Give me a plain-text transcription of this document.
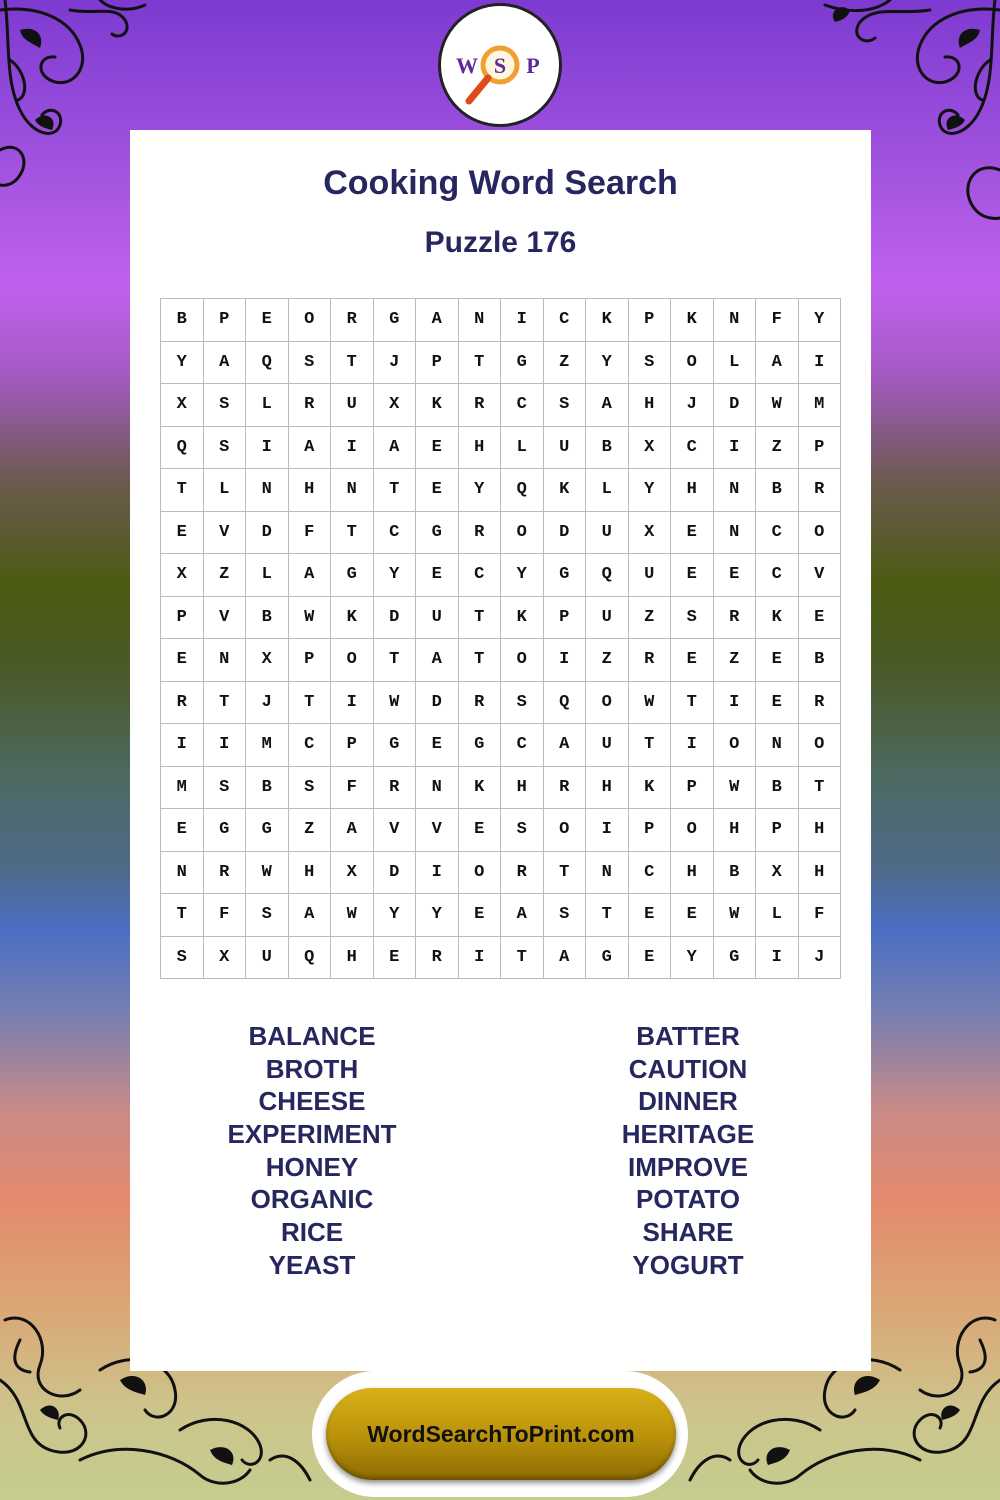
W S P
Cooking Word Search
Puzzle 176
B	P	E	O	R	G	A	N	I	C	K	P	K	N	F	Y
Y	A	Q	S	T	J	P	T	G	Z	Y	S	O	L	A	I
X	S	L	R	U	X	K	R	C	S	A	H	J	D	W	M
Q	S	I	A	I	A	E	H	L	U	B	X	C	I	Z	P
T	L	N	H	N	T	E	Y	Q	K	L	Y	H	N	B	R
E	V	D	F	T	C	G	R	O	D	U	X	E	N	C	O
X	Z	L	A	G	Y	E	C	Y	G	Q	U	E	E	C	V
P	V	B	W	K	D	U	T	K	P	U	Z	S	R	K	E
E	N	X	P	O	T	A	T	O	I	Z	R	E	Z	E	B
R	T	J	T	I	W	D	R	S	Q	O	W	T	I	E	R
I	I	M	C	P	G	E	G	C	A	U	T	I	O	N	O
M	S	B	S	F	R	N	K	H	R	H	K	P	W	B	T
E	G	G	Z	A	V	V	E	S	O	I	P	O	H	P	H
N	R	W	H	X	D	I	O	R	T	N	C	H	B	X	H
T	F	S	A	W	Y	Y	E	A	S	T	E	E	W	L	F
S	X	U	Q	H	E	R	I	T	A	G	E	Y	G	I	J
BALANCE
BROTH
CHEESE
EXPERIMENT
HONEY
ORGANIC
RICE
YEAST
BATTER
CAUTION
DINNER
HERITAGE
IMPROVE
POTATO
SHARE
YOGURT
WordSearchToPrint.com
